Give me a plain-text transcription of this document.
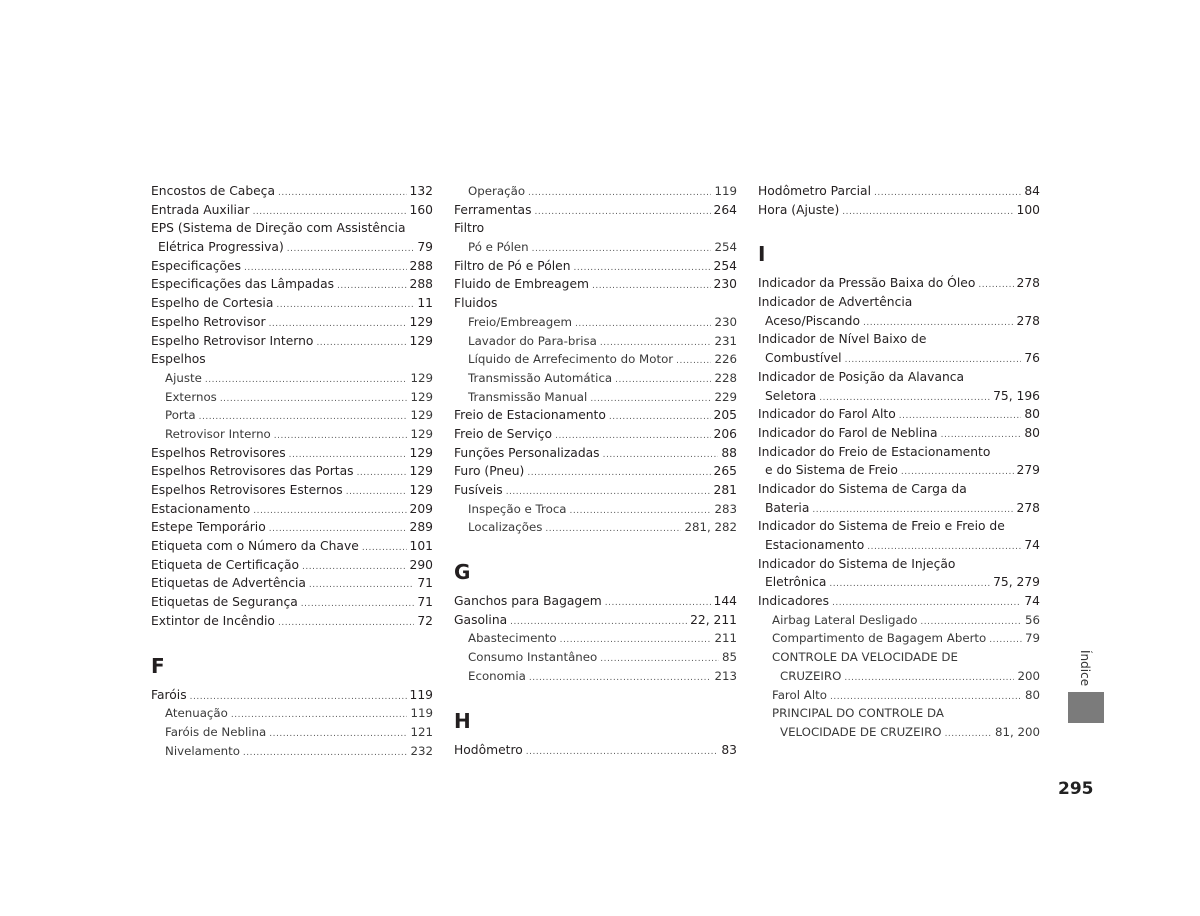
Encostos de Cabeça .....	132
Entrada Auxiliar .....	160
EPS (Sistema de Direção com Assistência
Elétrica Progressiva) .....	79
Especificações .....	288
Especificações das Lâmpadas .....	288
Espelho de Cortesia .....	11
Espelho Retrovisor .....	129
Espelho Retrovisor Interno .....	129
Espelhos
Ajuste .....	129
Externos .....	129
Porta .....	129
Retrovisor Interno .....	129
Espelhos Retrovisores .....	129
Espelhos Retrovisores das Portas .....	129
Espelhos Retrovisores Esternos .....	129
Estacionamento .....	209
Estepe Temporário .....	289
Etiqueta com o Número da Chave .....	101
Etiqueta de Certificação .....	290
Etiquetas de Advertência .....	71
Etiquetas de Segurança .....	71
Extintor de Incêndio .....	72
F
Faróis .....	119
Atenuação .....	119
Faróis de Neblina .....	121
Nivelamento .....	232
Operação .....	119
Ferramentas .....	264
Filtro
Pó e Pólen .....	254
Filtro de Pó e Pólen .....	254
Fluido de Embreagem .....	230
Fluidos
Freio/Embreagem .....	230
Lavador do Para-brisa .....	231
Líquido de Arrefecimento do Motor .....	226
Transmissão Automática .....	228
Transmissão Manual .....	229
Freio de Estacionamento .....	205
Freio de Serviço .....	206
Funções Personalizadas .....	88
Furo (Pneu) .....	265
Fusíveis .....	281
Inspeção e Troca .....	283
Localizações .....	281, 282
G
Ganchos para Bagagem .....	144
Gasolina .....	22, 211
Abastecimento .....	211
Consumo Instantâneo .....	85
Economia .....	213
H
Hodômetro .....	83
Hodômetro Parcial .....	84
Hora (Ajuste) .....	100
I
Indicador da Pressão Baixa do Óleo .....	278
Indicador de Advertência
Aceso/Piscando .....	278
Indicador de Nível Baixo de
Combustível .....	76
Indicador de Posição da Alavanca
Seletora .....	75, 196
Indicador do Farol Alto .....	80
Indicador do Farol de Neblina .....	80
Indicador do Freio de Estacionamento
e do Sistema de Freio .....	279
Indicador do Sistema de Carga da
Bateria .....	278
Indicador do Sistema de Freio e Freio de
Estacionamento .....	74
Indicador do Sistema de Injeção
Eletrônica .....	75, 279
Indicadores .....	74
Airbag Lateral Desligado .....	56
Compartimento de Bagagem Aberto .....	79
CONTROLE DA VELOCIDADE DE
CRUZEIRO .....	200
Farol Alto .....	80
PRINCIPAL DO CONTROLE DA
VELOCIDADE DE CRUZEIRO .....	81, 200
Índice
295
